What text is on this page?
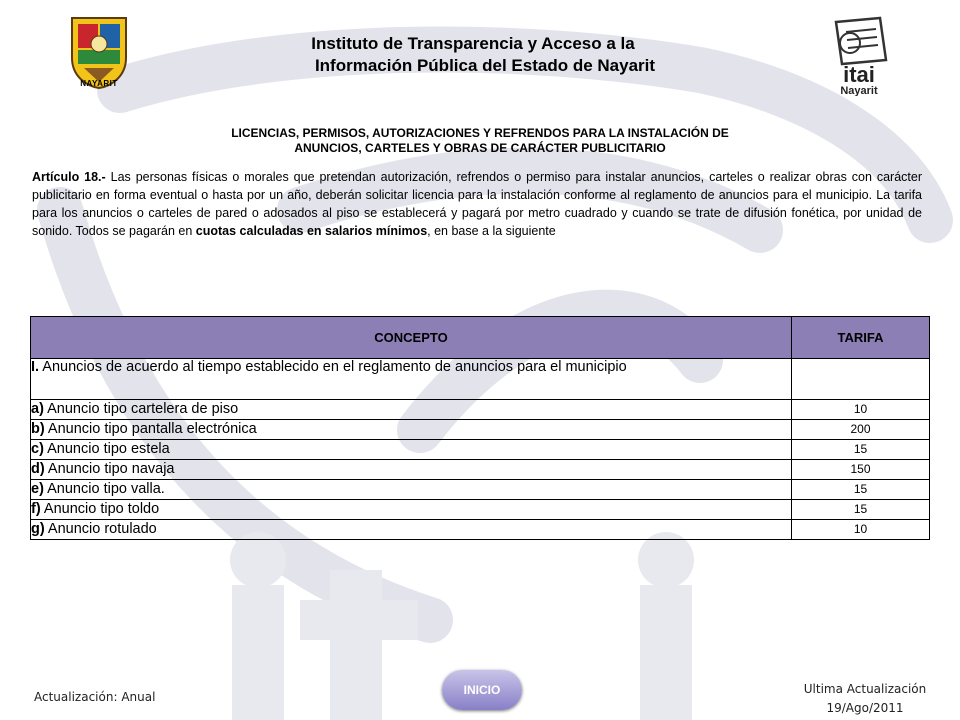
NAYARIT	itai
Nayarit
Instituto de Transparencia y Acceso a la

Información Pública del Estado de Nayarit
LICENCIAS, PERMISOS, AUTORIZACIONES Y REFRENDOS PARA LA INSTALACIÓN DE
ANUNCIOS, CARTELES Y OBRAS DE CARÁCTER PUBLICITARIO
Artículo 18.- Las personas físicas o morales que pretendan autorización, refrendos o permiso para instalar anuncios, carteles o realizar obras con carácter publicitario en forma eventual o hasta por un año, deberán solicitar licencia para la instalación conforme al reglamento de anuncios para el municipio. La tarifa para los anuncios o carteles de pared o adosados al piso se establecerá y pagará por metro cuadrado y cuando se trate de difusión fonética, por unidad de sonido. Todos se pagarán en cuotas calculadas en salarios mínimos, en base a la siguiente
CONCEPTO	TARIFA
I. Anuncios de acuerdo al tiempo establecido en el reglamento de anuncios para el municipio	
a) Anuncio tipo cartelera de piso	10
b) Anuncio tipo pantalla electrónica	200
c) Anuncio tipo estela	15
d) Anuncio tipo navaja	150
e) Anuncio tipo valla.	15
f) Anuncio tipo toldo	15
g) Anuncio rotulado	10
Actualización: Anual	INICIO	Ultima Actualización
19/Ago/2011
